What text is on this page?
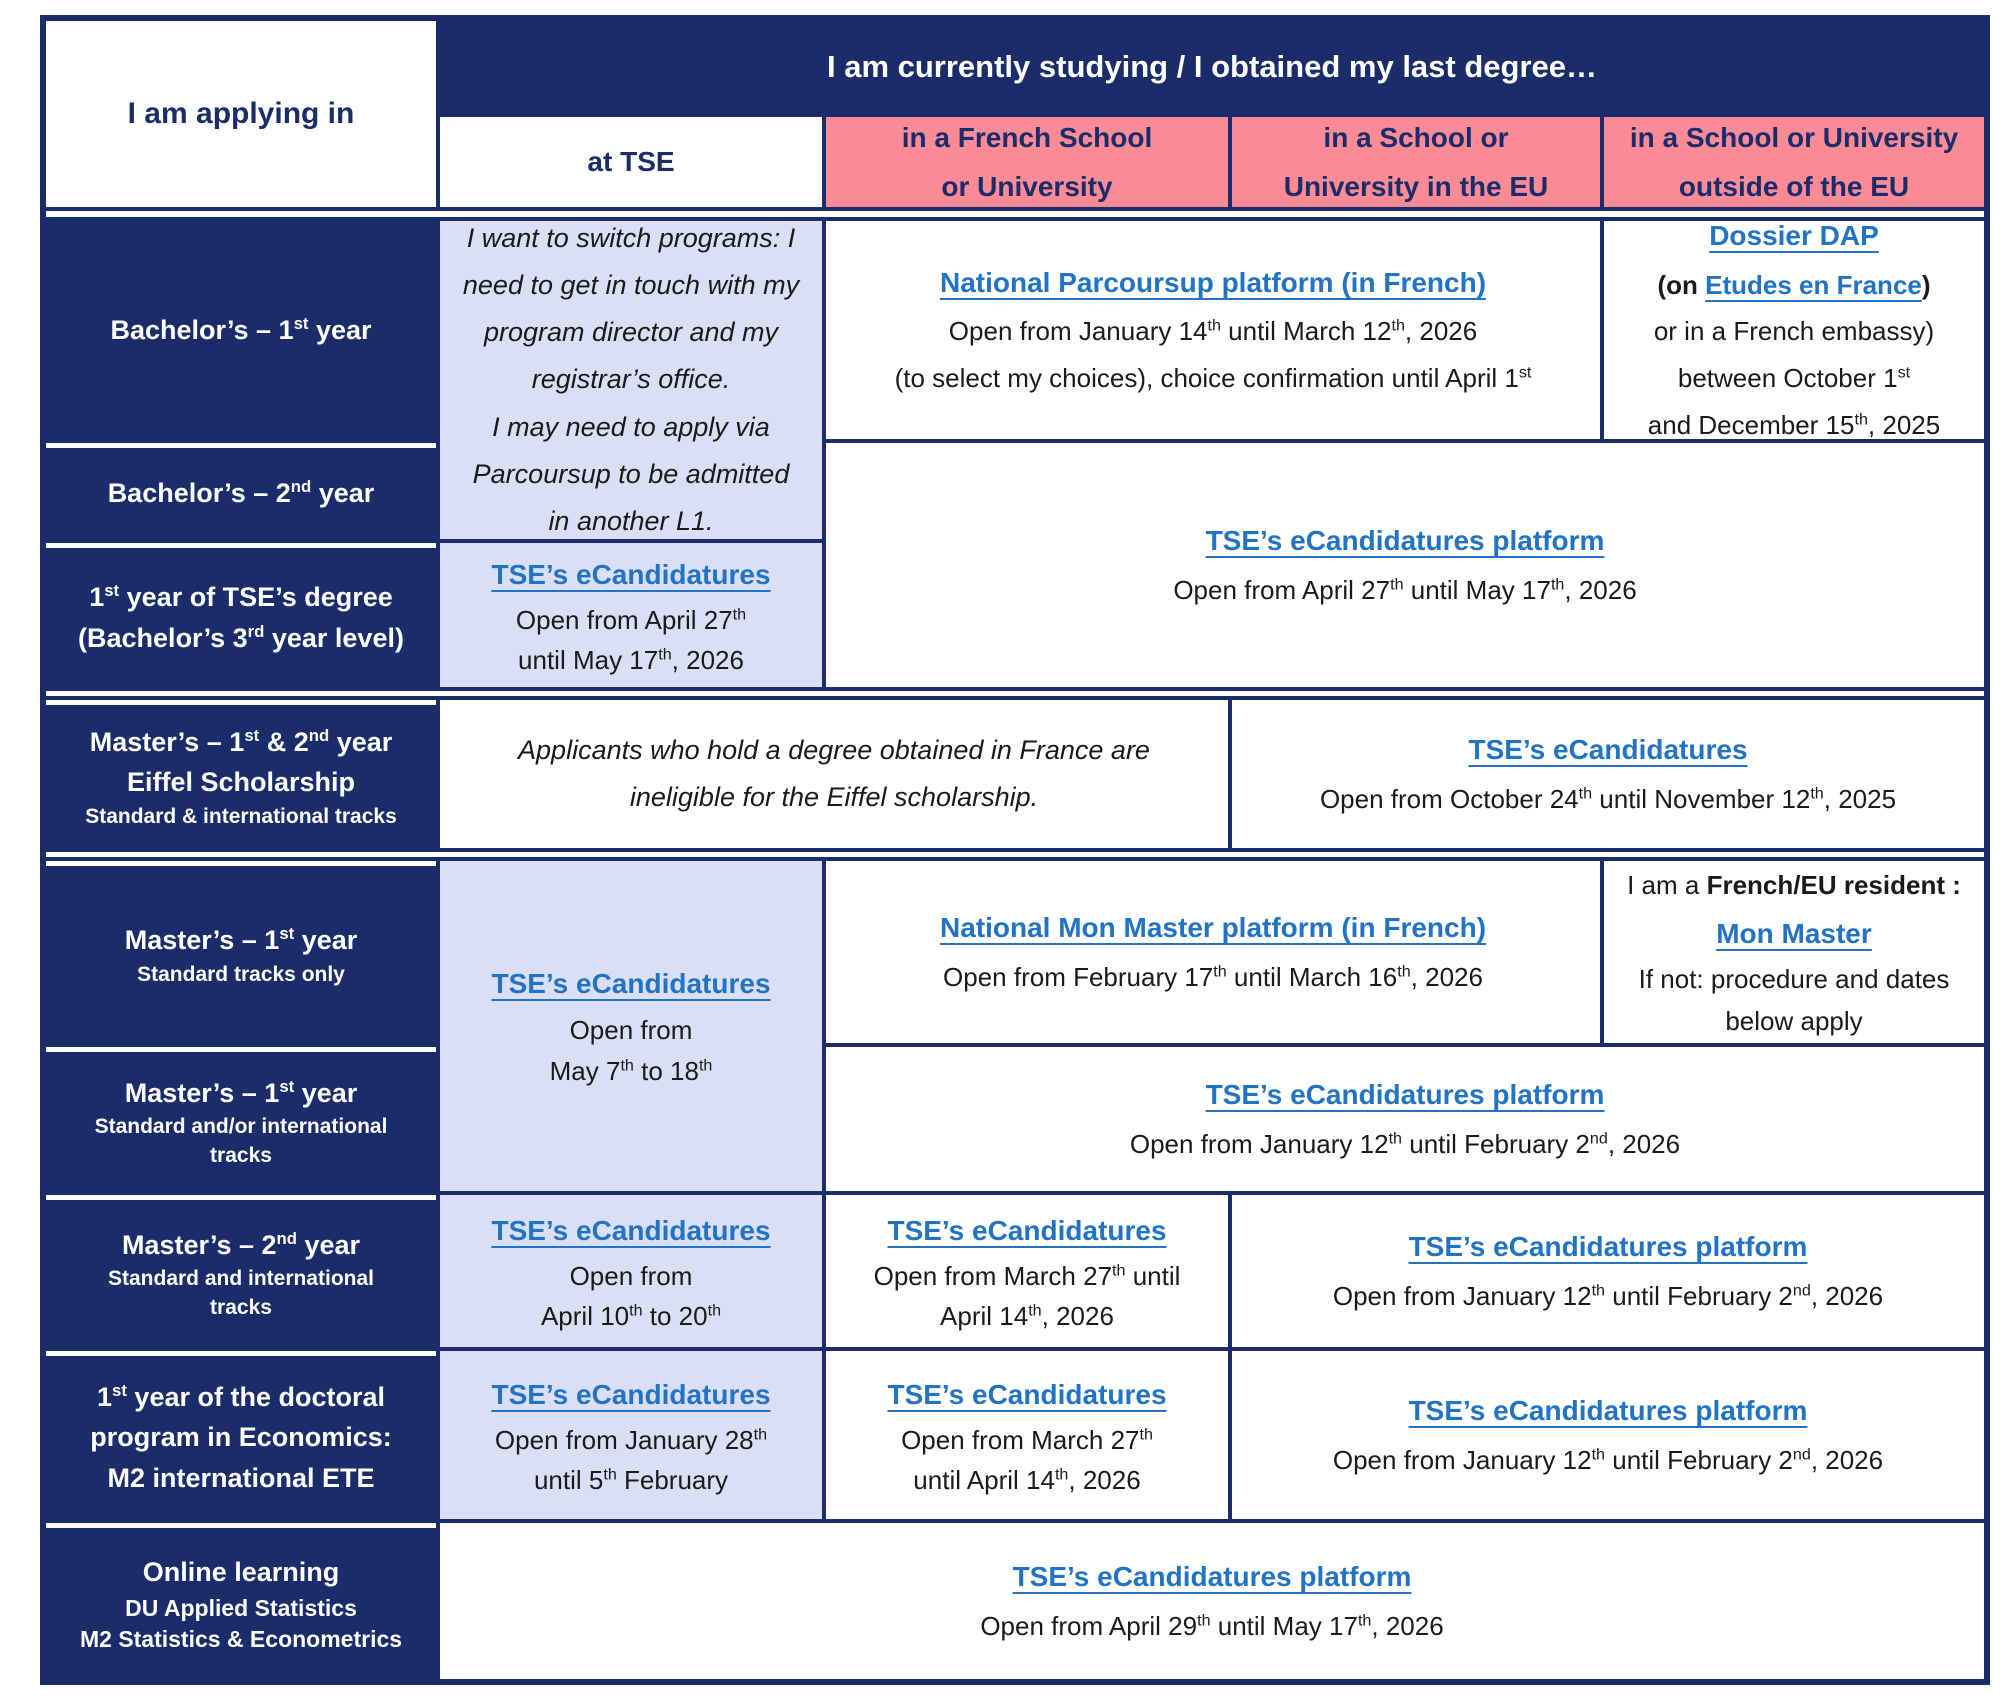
I am applying in
I am currently studying / I obtained my last degree…
at TSE
in a French School
or University
in a School or
University in the EU
in a School or University
outside of the EU
Bachelor’s – 1st year
I want to switch programs: I
need to get in touch with my
program director and my
registrar’s office.
I may need to apply via
Parcoursup to be admitted
in another L1.
National Parcoursup platform (in French)
Open from January 14th until March 12th, 2026
(to select my choices), choice confirmation until April 1st
Dossier DAP
(on Etudes en France)
or in a French embassy)
between October 1st
and December 15th, 2025
Bachelor’s – 2nd year
TSE’s eCandidatures platform
Open from April 27th until May 17th, 2026
1st year of TSE’s degree
(Bachelor’s 3rd year level)
TSE’s eCandidatures
Open from April 27th
until May 17th, 2026
Master’s – 1st & 2nd year
Eiffel Scholarship
Standard & international tracks
Applicants who hold a degree obtained in France are
ineligible for the Eiffel scholarship.
TSE’s eCandidatures
Open from October 24th until November 12th, 2025
Master’s – 1st year
Standard tracks only	TSE’s eCandidatures
Open from
May 7th to 18th
National Mon Master platform (in French)
Open from February 17th until March 16th, 2026
I am a French/EU resident :
Mon Master
If not: procedure and dates
below apply
Master’s – 1st year
Standard and/or international
tracks
TSE’s eCandidatures platform
Open from January 12th until February 2nd, 2026
Master’s – 2nd year
Standard and international
tracks
TSE’s eCandidatures
Open from
April 10th to 20th
TSE’s eCandidatures
Open from March 27th until
April 14th, 2026
TSE’s eCandidatures platform
Open from January 12th until February 2nd, 2026
1st year of the doctoral
program in Economics:
M2 international ETE
TSE’s eCandidatures
Open from January 28th
until 5th February
TSE’s eCandidatures
Open from March 27th
until April 14th, 2026
TSE’s eCandidatures platform
Open from January 12th until February 2nd, 2026
Online learning
DU Applied Statistics
M2 Statistics & Econometrics
TSE’s eCandidatures platform
Open from April 29th until May 17th, 2026
